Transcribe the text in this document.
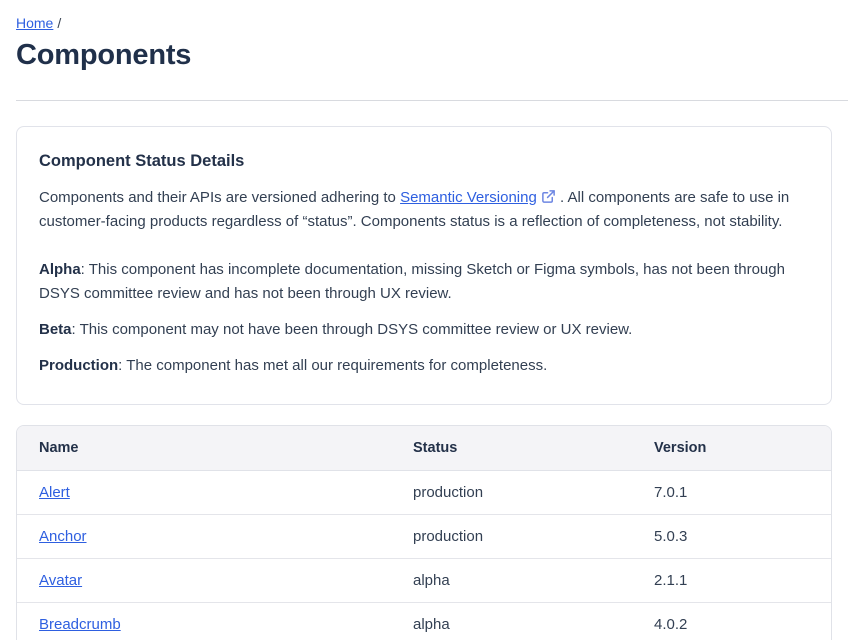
Home /
Components
Component Status Details

Components and their APIs are versioned adhering to Semantic Versioning
. All components are safe to use in customer-facing products regardless of “status”. Components status is a reflection of completeness, not stability.

Alpha: This component has incomplete documentation, missing Sketch or Figma symbols, has not been through DSYS committee review and has not been through UX review.

Beta: This component may not have been through DSYS committee review or UX review.

Production: The component has met all our requirements for completeness.

Name	Status	Version
Alert	production	7.0.1
Anchor	production	5.0.3
Avatar	alpha	2.1.1
Breadcrumb	alpha	4.0.2
